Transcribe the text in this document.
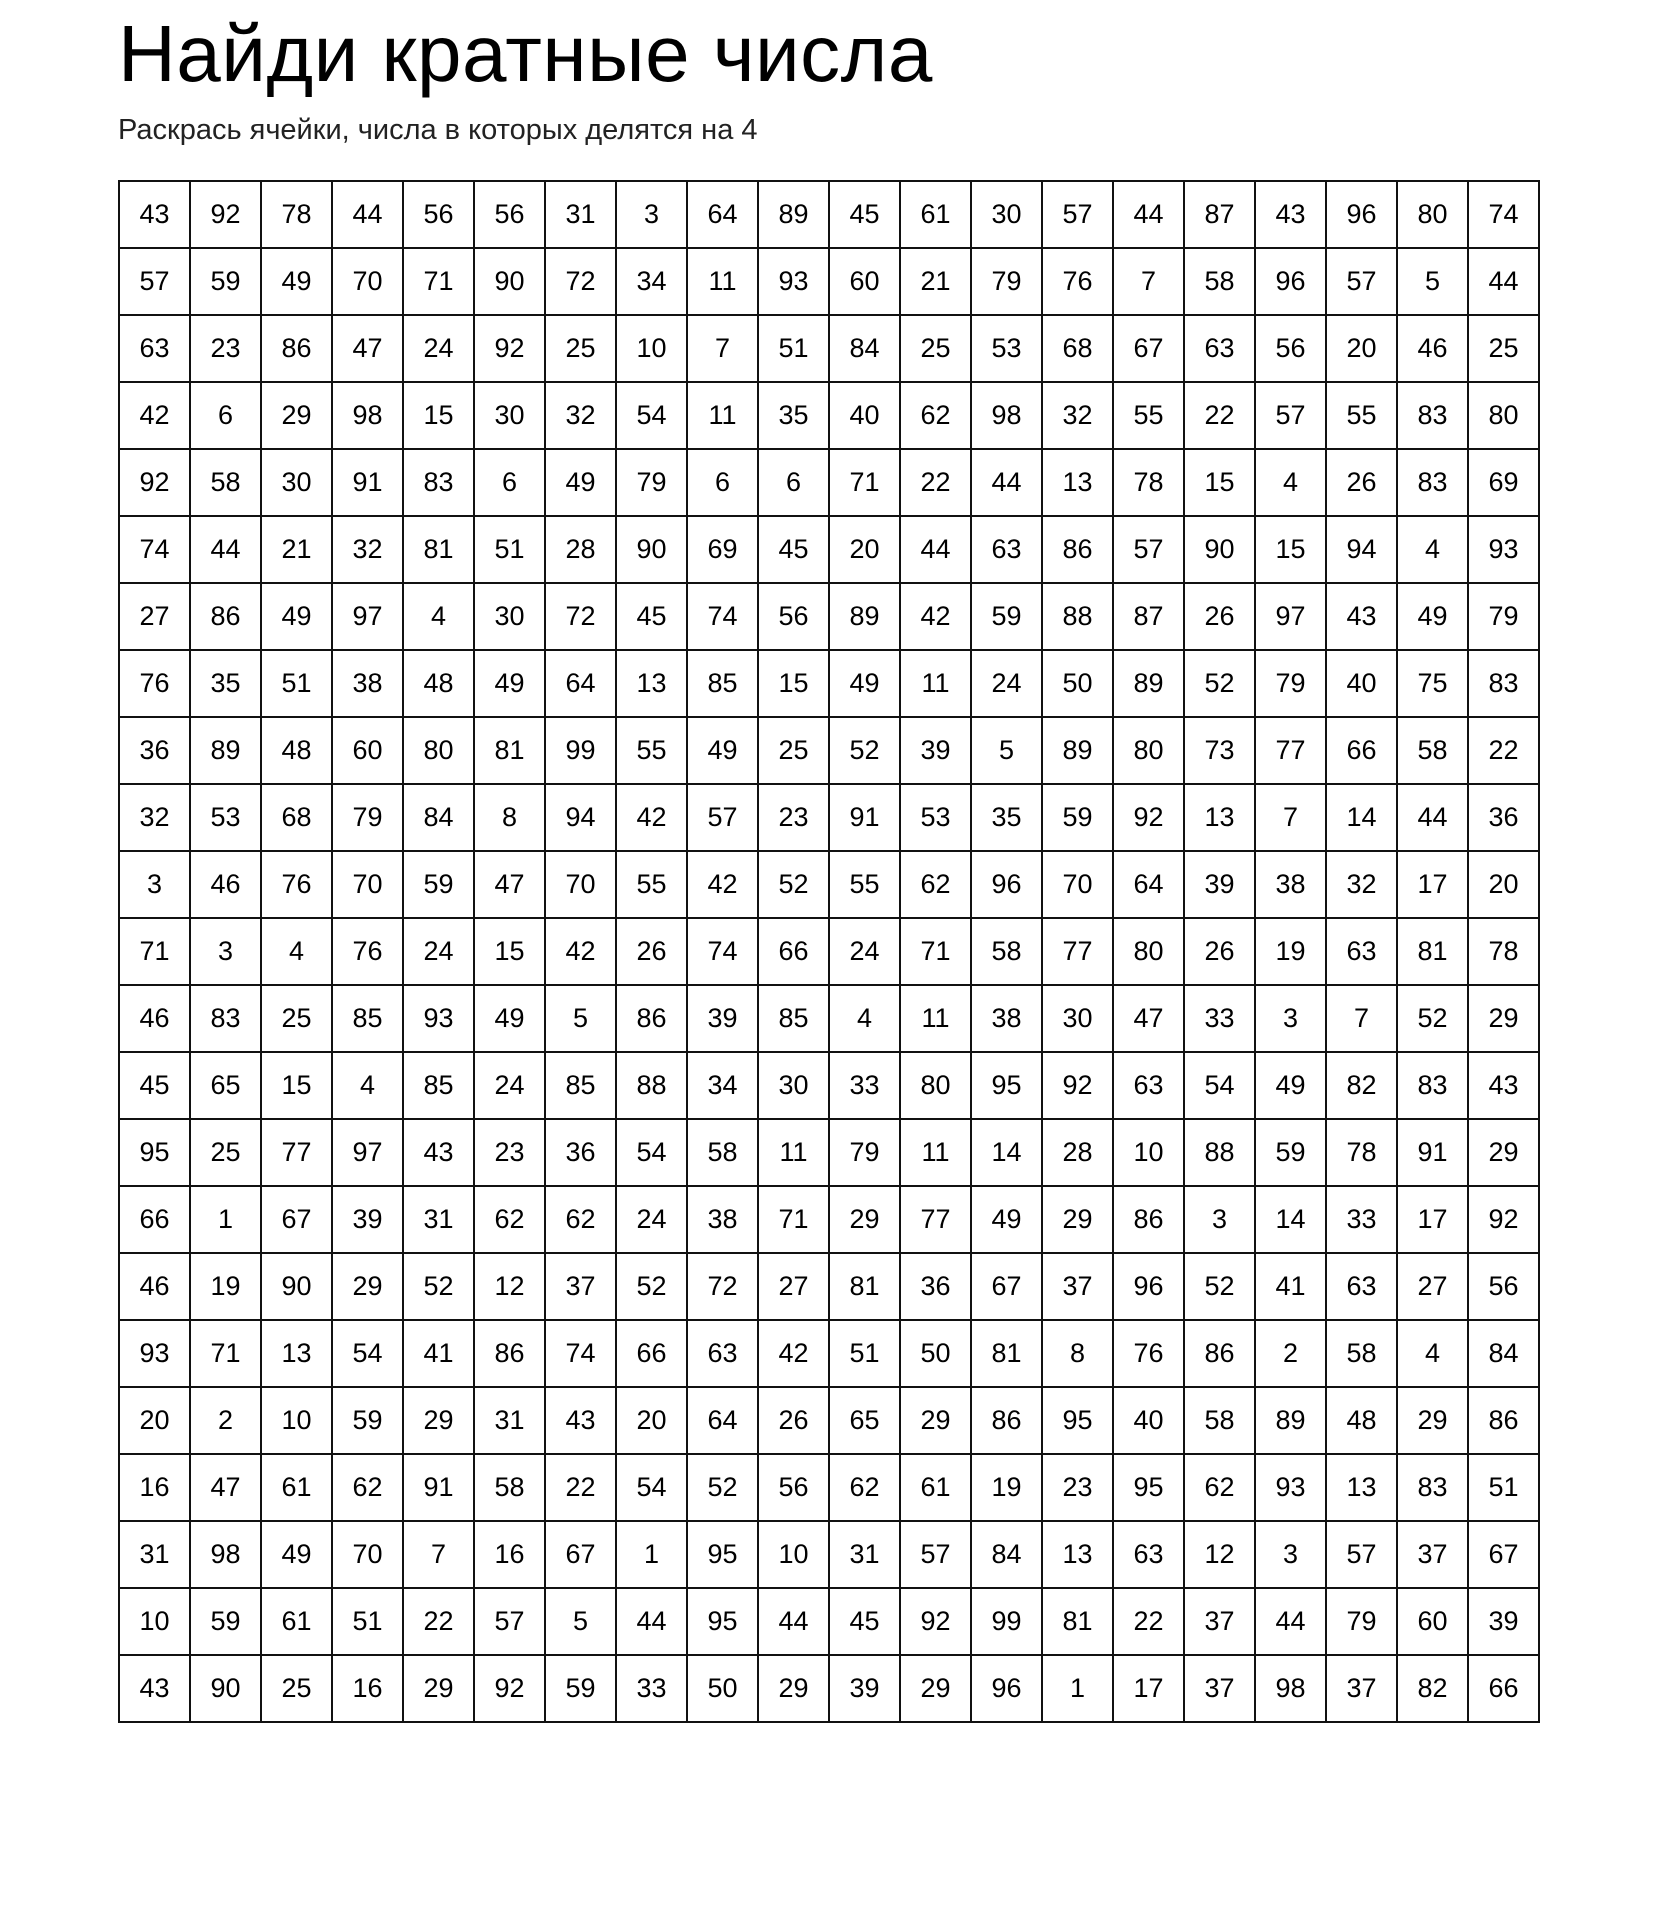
Найди кратные числа

Раскрась ячейки, числа в которых делятся на 4

43	92	78	44	56	56	31	3	64	89	45	61	30	57	44	87	43	96	80	74
57	59	49	70	71	90	72	34	11	93	60	21	79	76	7	58	96	57	5	44
63	23	86	47	24	92	25	10	7	51	84	25	53	68	67	63	56	20	46	25
42	6	29	98	15	30	32	54	11	35	40	62	98	32	55	22	57	55	83	80
92	58	30	91	83	6	49	79	6	6	71	22	44	13	78	15	4	26	83	69
74	44	21	32	81	51	28	90	69	45	20	44	63	86	57	90	15	94	4	93
27	86	49	97	4	30	72	45	74	56	89	42	59	88	87	26	97	43	49	79
76	35	51	38	48	49	64	13	85	15	49	11	24	50	89	52	79	40	75	83
36	89	48	60	80	81	99	55	49	25	52	39	5	89	80	73	77	66	58	22
32	53	68	79	84	8	94	42	57	23	91	53	35	59	92	13	7	14	44	36
3	46	76	70	59	47	70	55	42	52	55	62	96	70	64	39	38	32	17	20
71	3	4	76	24	15	42	26	74	66	24	71	58	77	80	26	19	63	81	78
46	83	25	85	93	49	5	86	39	85	4	11	38	30	47	33	3	7	52	29
45	65	15	4	85	24	85	88	34	30	33	80	95	92	63	54	49	82	83	43
95	25	77	97	43	23	36	54	58	11	79	11	14	28	10	88	59	78	91	29
66	1	67	39	31	62	62	24	38	71	29	77	49	29	86	3	14	33	17	92
46	19	90	29	52	12	37	52	72	27	81	36	67	37	96	52	41	63	27	56
93	71	13	54	41	86	74	66	63	42	51	50	81	8	76	86	2	58	4	84
20	2	10	59	29	31	43	20	64	26	65	29	86	95	40	58	89	48	29	86
16	47	61	62	91	58	22	54	52	56	62	61	19	23	95	62	93	13	83	51
31	98	49	70	7	16	67	1	95	10	31	57	84	13	63	12	3	57	37	67
10	59	61	51	22	57	5	44	95	44	45	92	99	81	22	37	44	79	60	39
43	90	25	16	29	92	59	33	50	29	39	29	96	1	17	37	98	37	82	66
